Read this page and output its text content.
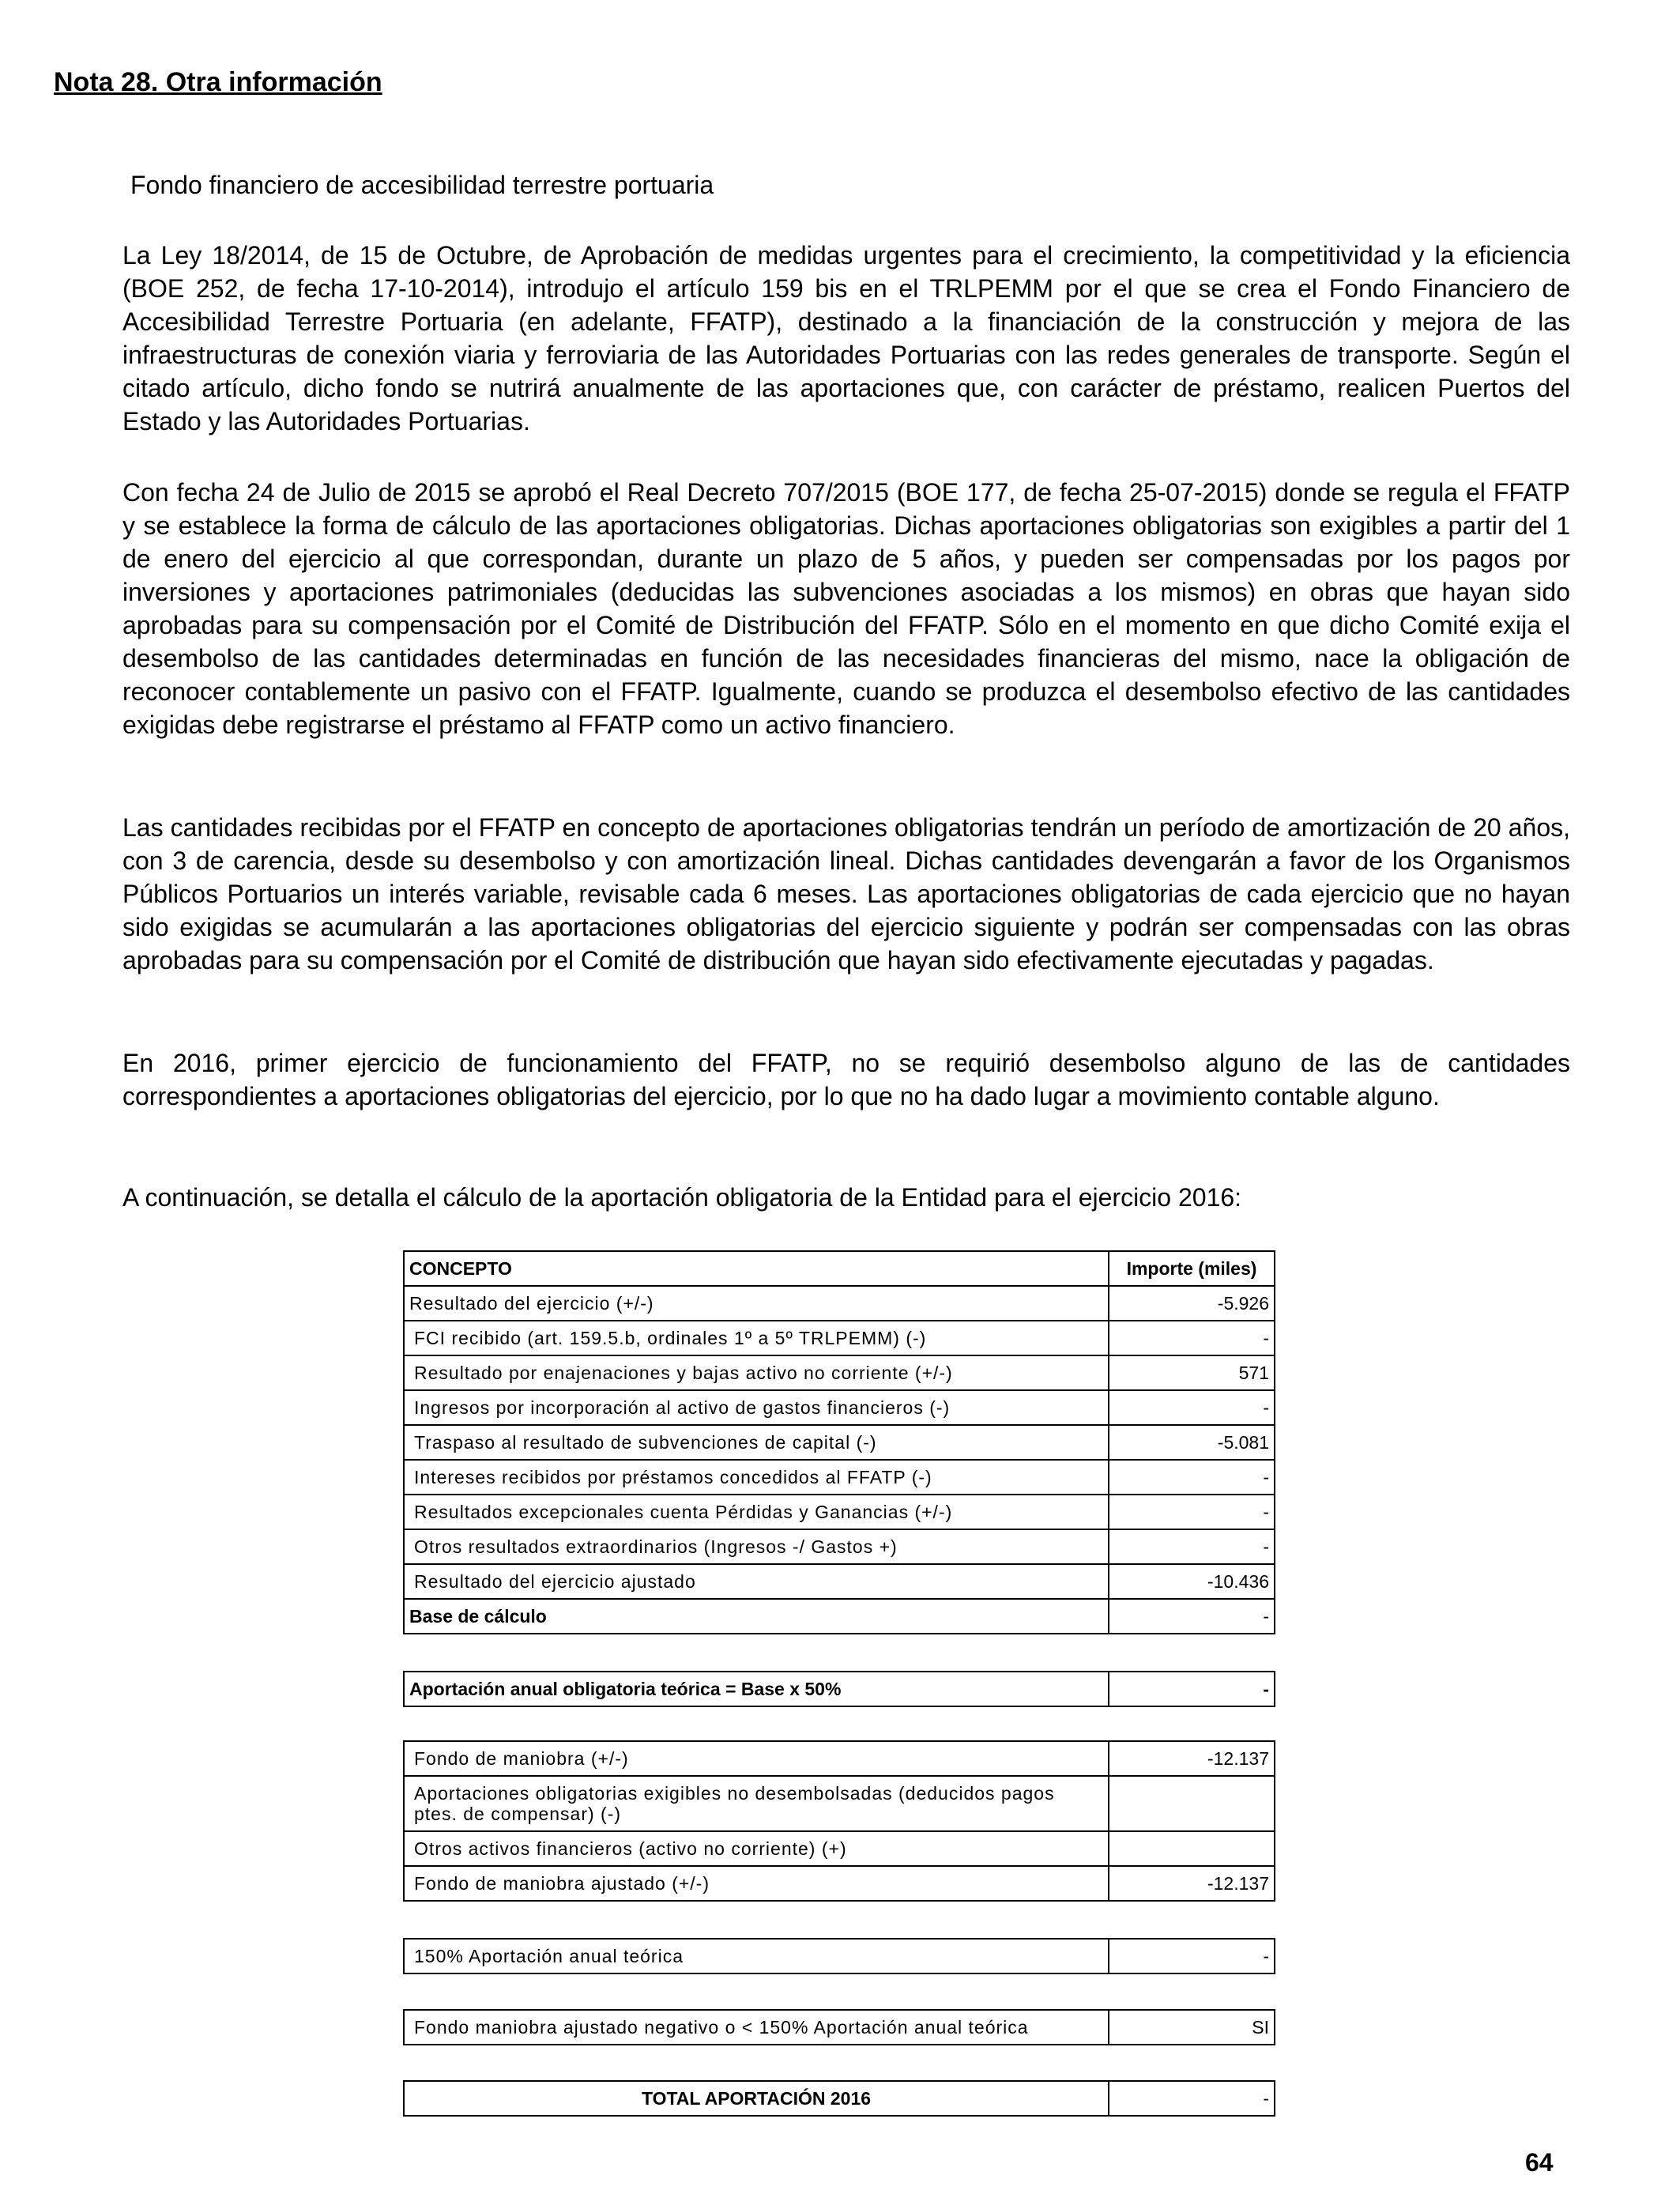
Nota 28. Otra información

Fondo financiero de accesibilidad terrestre portuaria

La Ley 18/2014, de 15 de Octubre, de Aprobación de medidas urgentes para el crecimiento, la competitividad y la eficiencia (BOE 252, de fecha 17-10-2014), introdujo el artículo 159 bis en el TRLPEMM por el que se crea el Fondo Financiero de Accesibilidad Terrestre Portuaria (en adelante, FFATP), destinado a la financiación de la construcción y mejora de las infraestructuras de conexión viaria y ferroviaria de las Autoridades Portuarias con las redes generales de transporte. Según el citado artículo, dicho fondo se nutrirá anualmente de las aportaciones que, con carácter de préstamo, realicen Puertos del Estado y las Autoridades Portuarias.

Con fecha 24 de Julio de 2015 se aprobó el Real Decreto 707/2015 (BOE 177, de fecha 25-07-2015) donde se regula el FFATP y se establece la forma de cálculo de las aportaciones obligatorias. Dichas aportaciones obligatorias son exigibles a partir del 1 de enero del ejercicio al que correspondan, durante un plazo de 5 años, y pueden ser compensadas por los pagos por inversiones y aportaciones patrimoniales (deducidas las subvenciones asociadas a los mismos) en obras que hayan sido aprobadas para su compensación por el Comité de Distribución del FFATP. Sólo en el momento en que dicho Comité exija el desembolso de las cantidades determinadas en función de las necesidades financieras del mismo, nace la obligación de reconocer contablemente un pasivo con el FFATP. Igualmente, cuando se produzca el desembolso efectivo de las cantidades exigidas debe registrarse el préstamo al FFATP como un activo financiero.

Las cantidades recibidas por el FFATP en concepto de aportaciones obligatorias tendrán un período de amortización de 20 años, con 3 de carencia, desde su desembolso y con amortización lineal. Dichas cantidades devengarán a favor de los Organismos Públicos Portuarios un interés variable, revisable cada 6 meses. Las aportaciones obligatorias de cada ejercicio que no hayan sido exigidas se acumularán a las aportaciones obligatorias del ejercicio siguiente y podrán ser compensadas con las obras aprobadas para su compensación por el Comité de distribución que hayan sido efectivamente ejecutadas y pagadas.

En 2016, primer ejercicio de funcionamiento del FFATP, no se requirió desembolso alguno de las de cantidades correspondientes a aportaciones obligatorias del ejercicio, por lo que no ha dado lugar a movimiento contable alguno.

A continuación, se detalla el cálculo de la aportación obligatoria de la Entidad para el ejercicio 2016:

CONCEPTO	Importe (miles)
Resultado del ejercicio (+/-)	-5.926
FCI recibido (art. 159.5.b, ordinales 1º a 5º TRLPEMM) (-)	-
Resultado por enajenaciones y bajas activo no corriente (+/-)	571
Ingresos por incorporación al activo de gastos financieros (-)	-
Traspaso al resultado de subvenciones de capital (-)	-5.081
Intereses recibidos por préstamos concedidos al FFATP (-)	-
Resultados excepcionales cuenta Pérdidas y Ganancias (+/-)	-
Otros resultados extraordinarios (Ingresos -/ Gastos +)	-
Resultado del ejercicio ajustado	-10.436
Base de cálculo	-
Aportación anual obligatoria teórica = Base x 50%	-
Fondo de maniobra (+/-)	-12.137
Aportaciones obligatorias exigibles no desembolsadas (deducidos pagos ptes. de compensar) (-)	
Otros activos financieros (activo no corriente) (+)	
Fondo de maniobra ajustado (+/-)	-12.137
150% Aportación anual teórica	-
Fondo maniobra ajustado negativo o < 150% Aportación anual teórica	SI
TOTAL APORTACIÓN 2016	-

64
